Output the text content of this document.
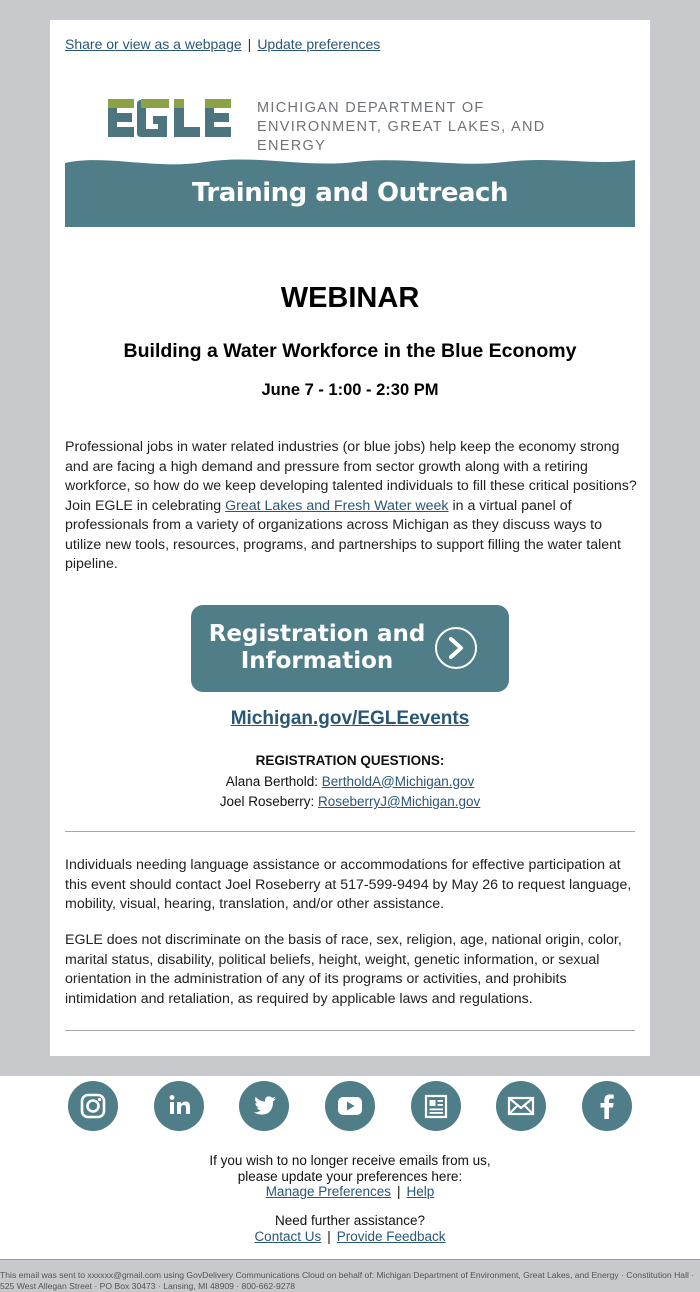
Share or view as a webpage | Update preferences
MICHIGAN DEPARTMENT OF
ENVIRONMENT, GREAT LAKES, AND ENERGY
Training and Outreach
WEBINAR
Building a Water Workforce in the Blue Economy
June 7 - 1:00 - 2:30 PM

Professional jobs in water related industries (or blue jobs) help keep the economy strong and are facing a high demand and pressure from sector growth along with a retiring workforce, so how do we keep developing talented individuals to fill these critical positions? Join EGLE in celebrating Great Lakes and Fresh Water week in a virtual panel of professionals from a variety of organizations across Michigan as they discuss ways to utilize new tools, resources, programs, and partnerships to support filling the water talent pipeline.

Registration and
Information
Michigan.gov/EGLEevents
REGISTRATION QUESTIONS:
Alana Berthold: BertholdA@Michigan.gov
Joel Roseberry: RoseberryJ@Michigan.gov

Individuals needing language assistance or accommodations for effective participation at this event should contact Joel Roseberry at 517-599-9494 by May 26 to request language, mobility, visual, hearing, translation, and/or other assistance.

EGLE does not discriminate on the basis of race, sex, religion, age, national origin, color, marital status, disability, political beliefs, height, weight, genetic information, or sexual orientation in the administration of any of its programs or activities, and prohibits intimidation and retaliation, as required by applicable laws and regulations.

If you wish to no longer receive emails from us,
please update your preferences here:
Manage Preferences | Help
Need further assistance?
Contact Us | Provide Feedback
This email was sent to xxxxxx@gmail.com using GovDelivery Communications Cloud on behalf of: Michigan Department of Environment, Great Lakes, and Energy · Constitution Hall · 525 West Allegan Street · PO Box 30473 · Lansing, MI 48909 · 800-662-9278
